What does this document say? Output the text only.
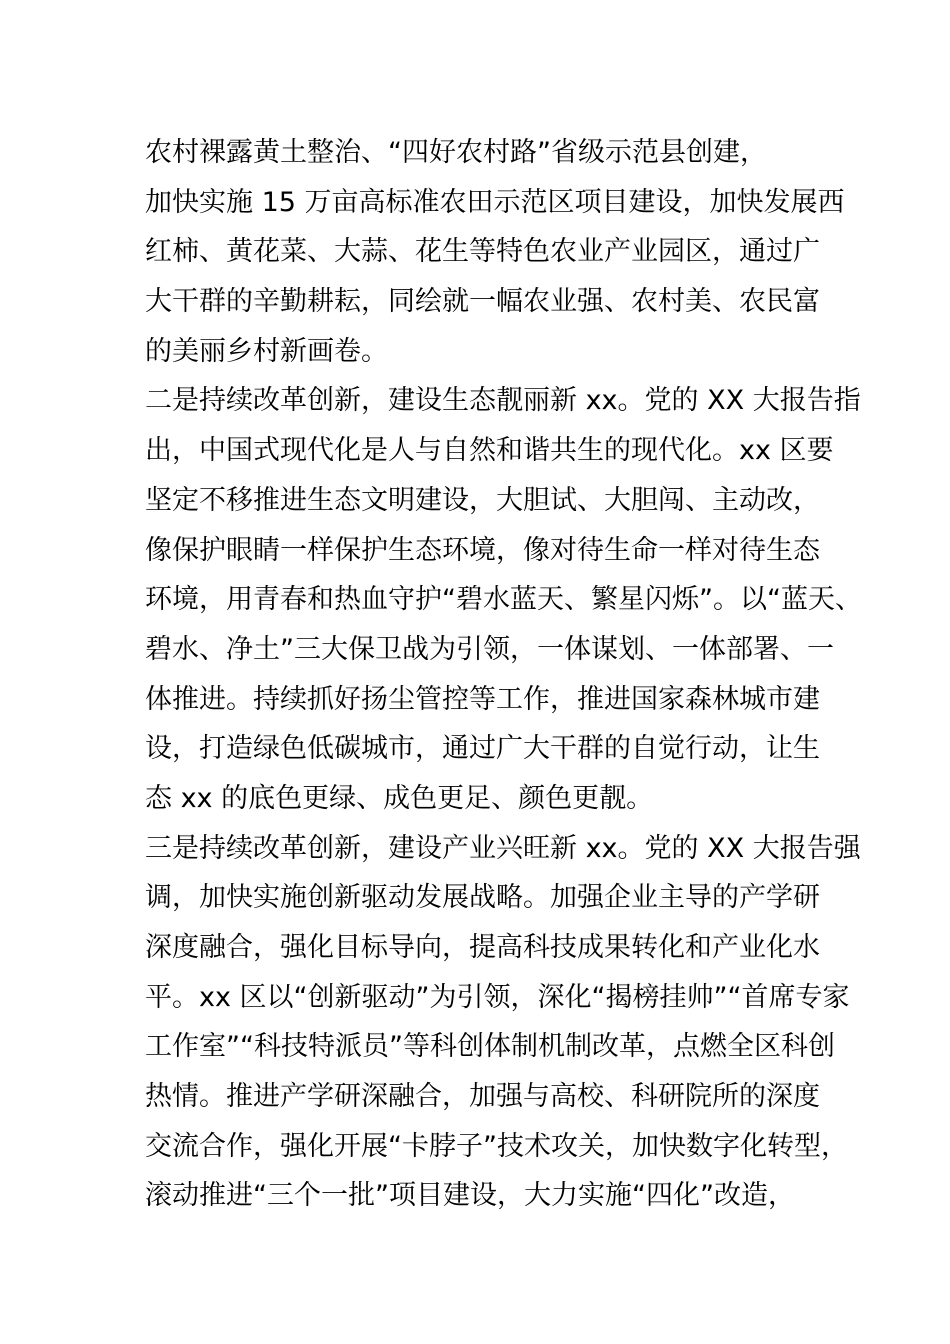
农村裸露黄土整治、“四好农村路”省级示范县创建，
加快实施 15 万亩高标准农田示范区项目建设，加快发展西
红柿、黄花菜、大蒜、花生等特色农业产业园区，通过广
大干群的辛勤耕耘，同绘就一幅农业强、农村美、农民富
的美丽乡村新画卷。
二是持续改革创新，建设生态靓丽新 xx。党的 XX 大报告指
出，中国式现代化是人与自然和谐共生的现代化。xx 区要
坚定不移推进生态文明建设，大胆试、大胆闯、主动改，
像保护眼睛一样保护生态环境，像对待生命一样对待生态
环境，用青春和热血守护“碧水蓝天、繁星闪烁”。以“蓝天、
碧水、净土”三大保卫战为引领，一体谋划、一体部署、一
体推进。持续抓好扬尘管控等工作，推进国家森林城市建
设，打造绿色低碳城市，通过广大干群的自觉行动，让生
态 xx 的底色更绿、成色更足、颜色更靓。
三是持续改革创新，建设产业兴旺新 xx。党的 XX 大报告强
调，加快实施创新驱动发展战略。加强企业主导的产学研
深度融合，强化目标导向，提高科技成果转化和产业化水
平。xx 区以“创新驱动”为引领，深化“揭榜挂帅”“首席专家
工作室”“科技特派员”等科创体制机制改革，点燃全区科创
热情。推进产学研深融合，加强与高校、科研院所的深度
交流合作，强化开展“卡脖子”技术攻关，加快数字化转型，
滚动推进“三个一批”项目建设，大力实施“四化”改造，
